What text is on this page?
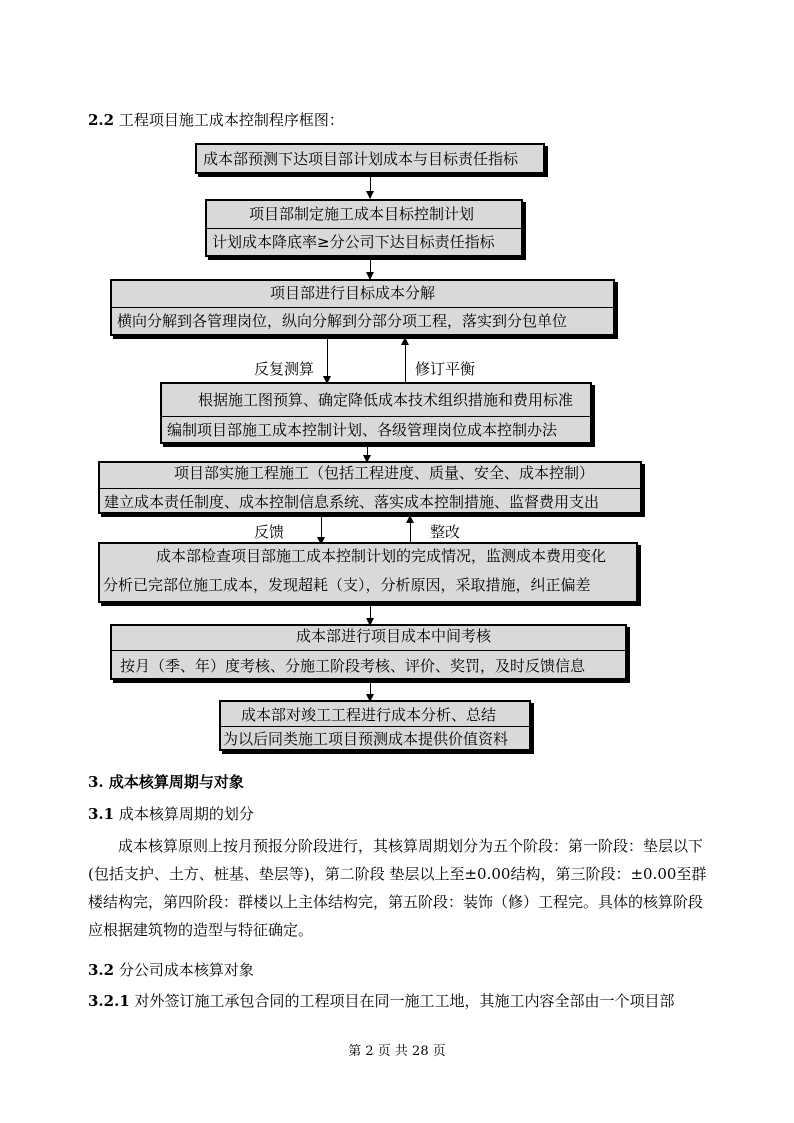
2.2 工程项目施工成本控制程序框图：
成本部预测下达项目部计划成本与目标责任指标
项目部制定施工成本目标控制计划
计划成本降底率≥分公司下达目标责任指标
项目部进行目标成本分解
横向分解到各管理岗位，纵向分解到分部分项工程，落实到分包单位
反复测算	修订平衡
根据施工图预算、确定降低成本技术组织措施和费用标准
编制项目部施工成本控制计划、各级管理岗位成本控制办法
项目部实施工程施工（包括工程进度、质量、安全、成本控制）
建立成本责任制度、成本控制信息系统、落实成本控制措施、监督费用支出
反馈	整改
成本部检查项目部施工成本控制计划的完成情况，监测成本费用变化
分析已完部位施工成本，发现超耗（支），分析原因，采取措施，纠正偏差
成本部进行项目成本中间考核
按月（季、年）度考核、分施工阶段考核、评价、奖罚，及时反馈信息
成本部对竣工工程进行成本分析、总结
为以后同类施工项目预测成本提供价值资料
3. 成本核算周期与对象
3.1 成本核算周期的划分

成本核算原则上按月预报分阶段进行，其核算周期划分为五个阶段：第一阶段：垫层以下(包括支护、土方、桩基、垫层等)，第二阶段 垫层以上至±0.00结构，第三阶段：±0.00至群楼结构完，第四阶段：群楼以上主体结构完，第五阶段：装饰（修）工程完。具体的核算阶段应根据建筑物的造型与特征确定。

3.2 分公司成本核算对象
3.2.1 对外签订施工承包合同的工程项目在同一施工工地，其施工内容全部由一个项目部
第 2 页 共 28 页
